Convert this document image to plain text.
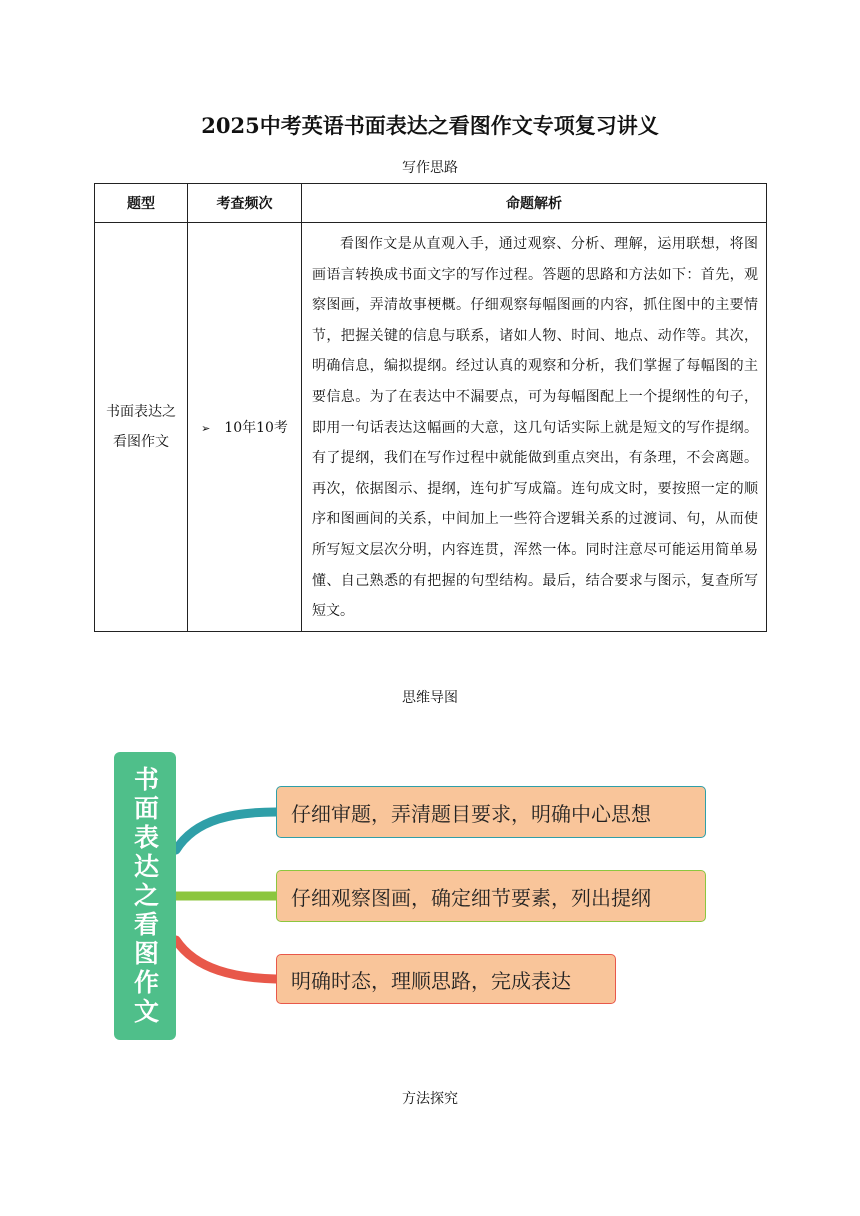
2025中考英语书面表达之看图作文专项复习讲义
写作思路
题型	考查频次	命题解析
书面表达之看图作文	➢ 10年10考	看图作文是从直观入手，通过观察、分析、理解，运用联想，将图画语言转换成书面文字的写作过程。答题的思路和方法如下：首先，观察图画，弄清故事梗概。仔细观察每幅图画的内容，抓住图中的主要情节，把握关键的信息与联系，诸如人物、时间、地点、动作等。其次，明确信息，编拟提纲。经过认真的观察和分析，我们掌握了每幅图的主要信息。为了在表达中不漏要点，可为每幅图配上一个提纲性的句子，即用一句话表达这幅画的大意，这几句话实际上就是短文的写作提纲。有了提纲，我们在写作过程中就能做到重点突出，有条理，不会离题。再次，依据图示、提纲，连句扩写成篇。连句成文时，要按照一定的顺序和图画间的关系，中间加上一些符合逻辑关系的过渡词、句，从而使所写短文层次分明，内容连贯，浑然一体。同时注意尽可能运用简单易懂、自己熟悉的有把握的句型结构。最后，结合要求与图示，复查所写短文。
思维导图
书面表达之看图作文	仔细审题，弄清题目要求，明确中心思想
仔细观察图画，确定细节要素，列出提纲
明确时态，理顺思路，完成表达
方法探究
